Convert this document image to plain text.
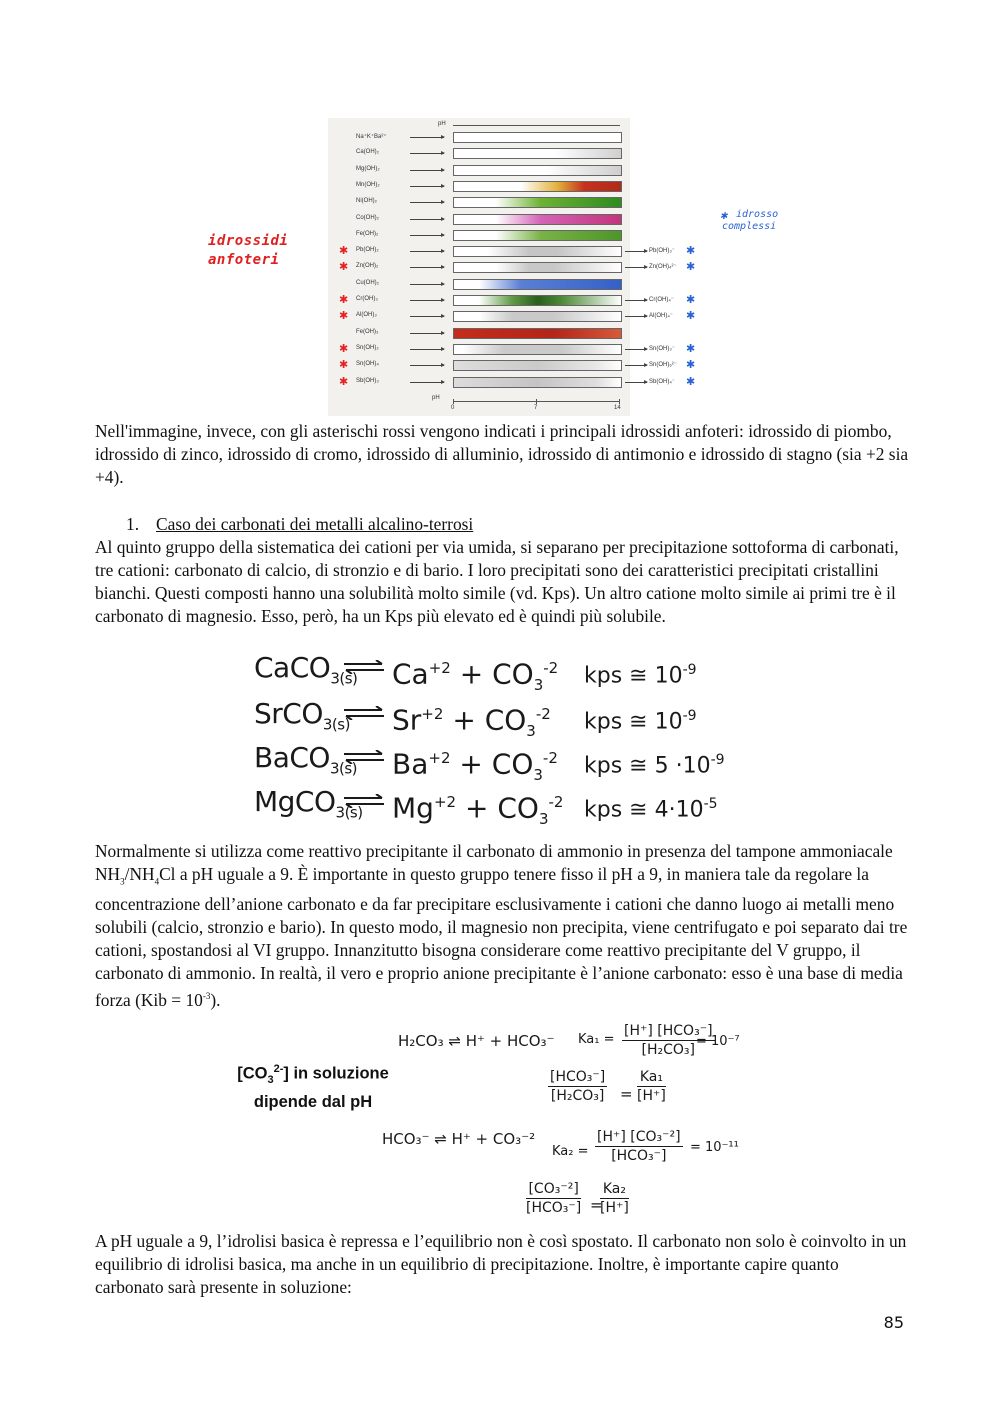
pH
Na⁺K⁺Ba²⁺
Ca(OH)₂
Mg(OH)₂
Mn(OH)₂
Ni(OH)₂
Co(OH)₂
Fe(OH)₂
Pb(OH)₂
✱	Pb(OH)₃⁻ ✱
Zn(OH)₂
✱	Zn(OH)₄²⁻ ✱
Cu(OH)₂
Cr(OH)₃
✱	Cr(OH)₄⁻ ✱
Al(OH)₃
✱	Al(OH)₄⁻ ✱
Fe(OH)₃
Sn(OH)₂
✱	Sn(OH)₃⁻ ✱
Sn(OH)₄
✱	Sn(OH)₆²⁻ ✱
Sb(OH)₃
✱	Sb(OH)₄⁻ ✱
pH
0	7	14
idrossidi
anfoteri
✱ idrosso
complessi
Nell'immagine, invece, con gli asterischi rossi vengono indicati i principali idrossidi anfoteri: idrossido di piombo, idrossido di zinco, idrossido di cromo, idrossido di alluminio, idrossido di antimonio e idrossido di stagno (sia +2 sia +4).
1. Caso dei carbonati dei metalli alcalino-terrosi
Al quinto gruppo della sistematica dei cationi per via umida, si separano per precipitazione sottoforma di carbonati, tre cationi: carbonato di calcio, di stronzio e di bario. I loro precipitati sono dei caratteristici precipitati cristallini bianchi. Questi composti hanno una solubilità molto simile (vd. Kps). Un altro catione molto simile ai primi tre è il carbonato di magnesio. Esso, però, ha un Kps più elevato ed è quindi più solubile.
CaCO$_{3(s)}$ ⇌ $Ca^{+2} + CO_3^{-2}$ kps ≅ $10^{-9}$
SrCO$_{3(s)}$ ⇌ $Sr^{+2} + CO_3^{-2}$ kps ≅ $10^{-9}$
BaCO$_{3(s)}$ ⇌ $Ba^{+2} + CO_3^{-2}$ kps ≅ $5 \cdot 10^{-9}$
MgCO$_{3(s)}$ ⇌ $Mg^{+2} + CO_3^{-2}$ kps ≅ $4\cdot 10^{-5}$
Normalmente si utilizza come reattivo precipitante il carbonato di ammonio in presenza del tampone ammoniacale $NH_3/NH_4Cl$ a pH uguale a 9. È importante in questo gruppo tenere fisso il pH a 9, in maniera tale da regolare la concentrazione dell’anione carbonato e da far precipitare esclusivamente i cationi che danno luogo ai metalli meno solubili (calcio, stronzio e bario). In questo modo, il magnesio non precipita, viene centrifugato e poi separato dai tre cationi, spostandosi al VI gruppo. Innanzitutto bisogna considerare come reattivo precipitante del V gruppo, il carbonato di ammonio. In realtà, il vero e proprio anione precipitante è l’anione carbonato: esso è una base di media forza $(Kib = 10^{-3})$.
$[CO_3^{2-}]$ in soluzione
dipende dal pH
H₂CO₃ ⇌ H⁺ + HCO₃⁻ Ka₁ =
[H⁺] [HCO₃⁻]
[H₂CO₃]
= 10⁻⁷
[HCO₃⁻]
$[H_2CO_3] = \frac{\text{Ka₁}}{[H^+]}$
HCO₃⁻ ⇌ H⁺ + CO₃⁻²
Ka₂ =
[H⁺] [CO₃⁻²]
[HCO₃⁻]
= 10⁻¹¹
[CO₃⁻²]
[HCO₃⁻] =
$\frac{\text{Ka₂}}{[H^+]}$
A pH uguale a 9, l’idrolisi basica è repressa e l’equilibrio non è così spostato. Il carbonato non solo è coinvolto in un equilibrio di idrolisi basica, ma anche in un equilibrio di precipitazione. Inoltre, è importante capire quanto carbonato sarà presente in soluzione:
85
